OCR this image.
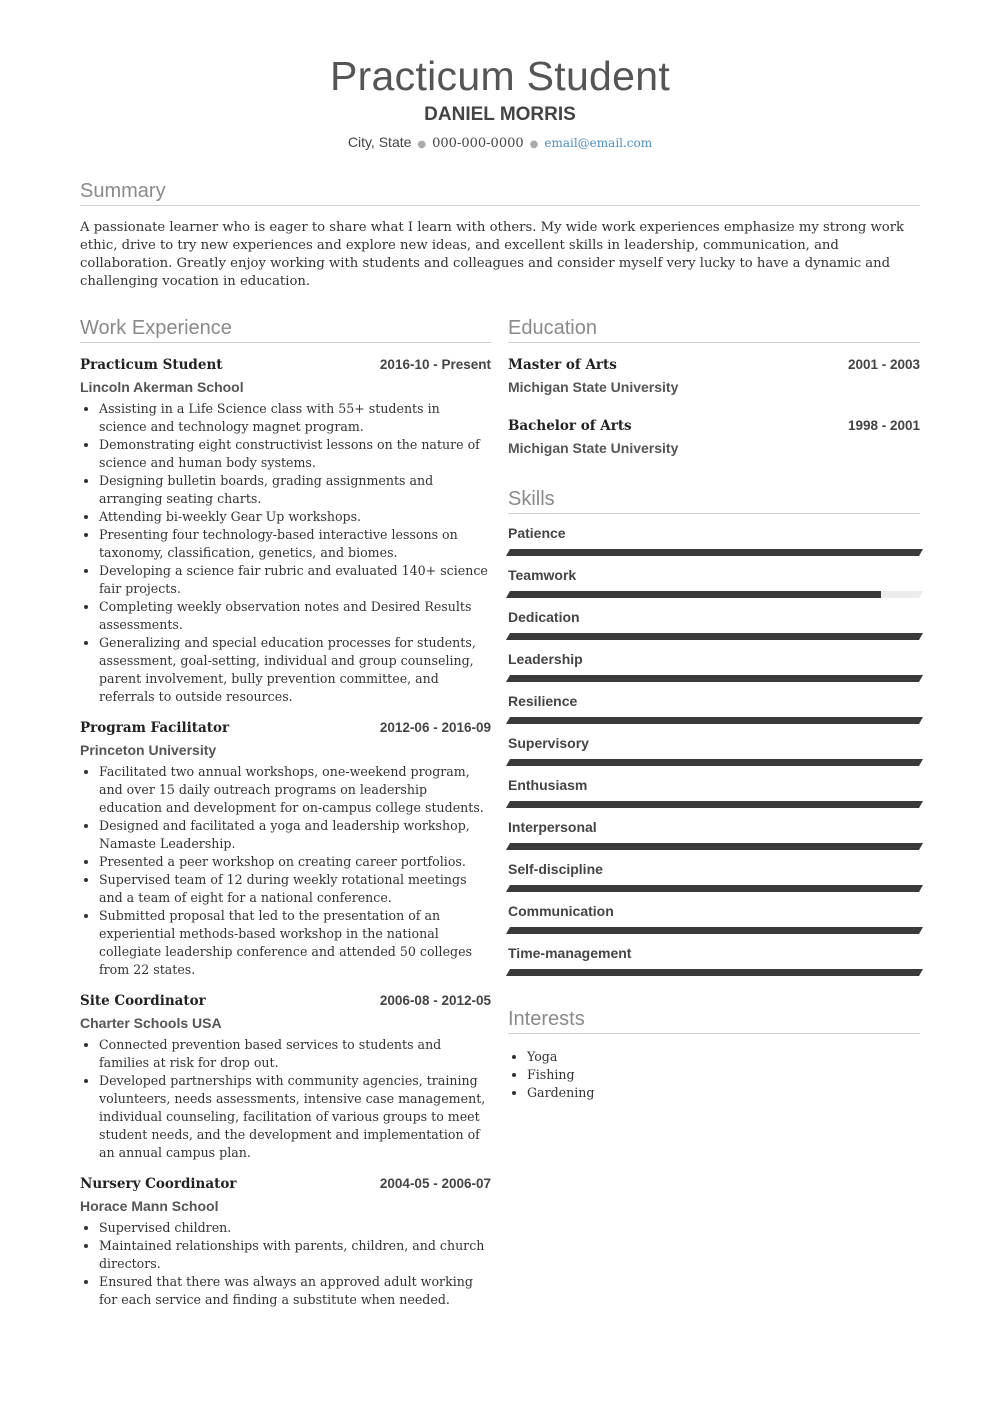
Practicum Student
DANIEL MORRIS
City, State ● 000-000-0000 ● email@email.com
Summary
A passionate learner who is eager to share what I learn with others. My wide work experiences emphasize my strong work ethic, drive to try new experiences and explore new ideas, and excellent skills in leadership, communication, and collaboration. Greatly enjoy working with students and colleagues and consider myself very lucky to have a dynamic and challenging vocation in education.
Work Experience
Practicum Student	2016-10 - Present
Lincoln Akerman School
• Assisting in a Life Science class with 55+ students in science and technology magnet program.
• Demonstrating eight constructivist lessons on the nature of science and human body systems.
• Designing bulletin boards, grading assignments and arranging seating charts.
• Attending bi-weekly Gear Up workshops.
• Presenting four technology-based interactive lessons on taxonomy, classification, genetics, and biomes.
• Developing a science fair rubric and evaluated 140+ science fair projects.
• Completing weekly observation notes and Desired Results assessments.
• Generalizing and special education processes for students, assessment, goal-setting, individual and group counseling, parent involvement, bully prevention committee, and referrals to outside resources.
Program Facilitator	2012-06 - 2016-09
Princeton University
• Facilitated two annual workshops, one-weekend program, and over 15 daily outreach programs on leadership education and development for on-campus college students.
• Designed and facilitated a yoga and leadership workshop, Namaste Leadership.
• Presented a peer workshop on creating career portfolios.
• Supervised team of 12 during weekly rotational meetings and a team of eight for a national conference.
• Submitted proposal that led to the presentation of an experiential methods-based workshop in the national collegiate leadership conference and attended 50 colleges from 22 states.
Site Coordinator	2006-08 - 2012-05
Charter Schools USA
• Connected prevention based services to students and families at risk for drop out.
• Developed partnerships with community agencies, training volunteers, needs assessments, intensive case management, individual counseling, facilitation of various groups to meet student needs, and the development and implementation of an annual campus plan.
Nursery Coordinator	2004-05 - 2006-07
Horace Mann School
• Supervised children.
• Maintained relationships with parents, children, and church directors.
• Ensured that there was always an approved adult working for each service and finding a substitute when needed.
Education
Master of Arts	2001 - 2003
Michigan State University
Bachelor of Arts	1998 - 2001
Michigan State University
Skills
Patience
Teamwork
Dedication
Leadership
Resilience
Supervisory
Enthusiasm
Interpersonal
Self-discipline
Communication
Time-management
Interests
• Yoga
• Fishing
• Gardening
